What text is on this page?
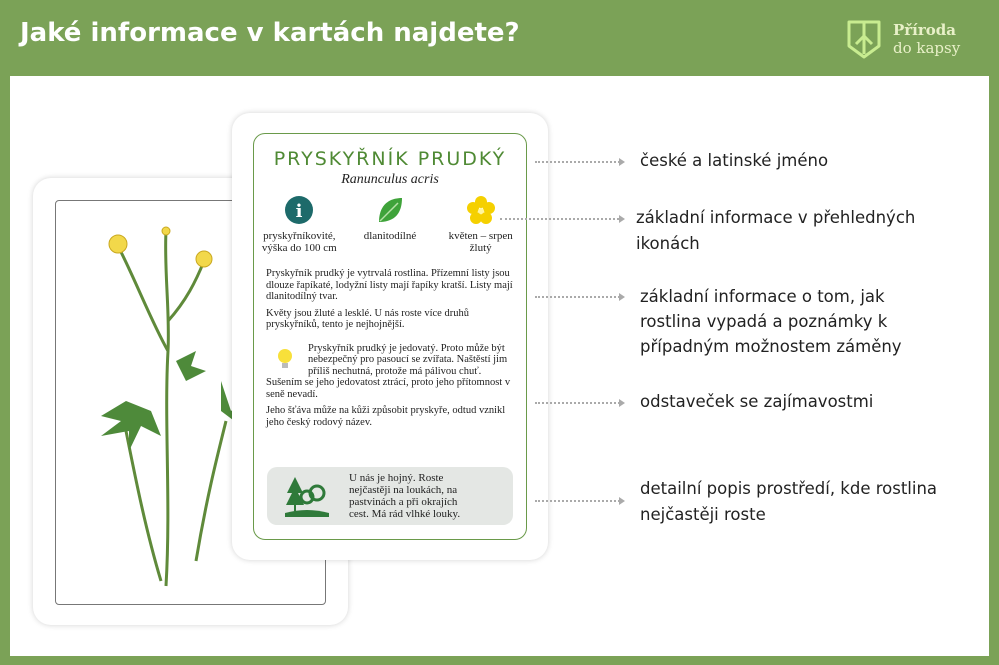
Jaké informace v kartách najdete?	Příroda
do kapsy
PRYSKYŘNÍK PRUDKÝ
Ranunculus acris
i
pryskyřníkovité,
výška do 100 cm
dlanitodílné	květen – srpen
žlutý

Pryskyřník prudký je vytrvalá rostlina. Přízemní listy jsou dlouze řapíkaté, lodyžní listy mají řapíky kratší. Listy mají dlanitodílný tvar.

Květy jsou žluté a lesklé. U nás roste více druhů pryskyřníků, tento je nejhojnější.

Pryskyřník prudký je jedovatý. Proto může být nebezpečný pro pasoucí se zvířata. Naštěstí jim příliš nechutná, protože má pálivou chuť. Sušením se jeho jedovatost ztrácí, proto jeho přítomnost v seně nevadí.

Jeho šťáva může na kůži způsobit pryskyře, odtud vznikl jeho český rodový název.

U nás je hojný. Roste nejčastěji na loukách, na pastvinách a při okrajích cest. Má rád vlhké louky.
české a latinské jméno
základní informace v přehledných ikonách
základní informace o tom, jak rostlina vypadá a poznámky k případným možnostem záměny
odstaveček se zajímavostmi
detailní popis prostředí, kde rostlina nejčastěji roste
